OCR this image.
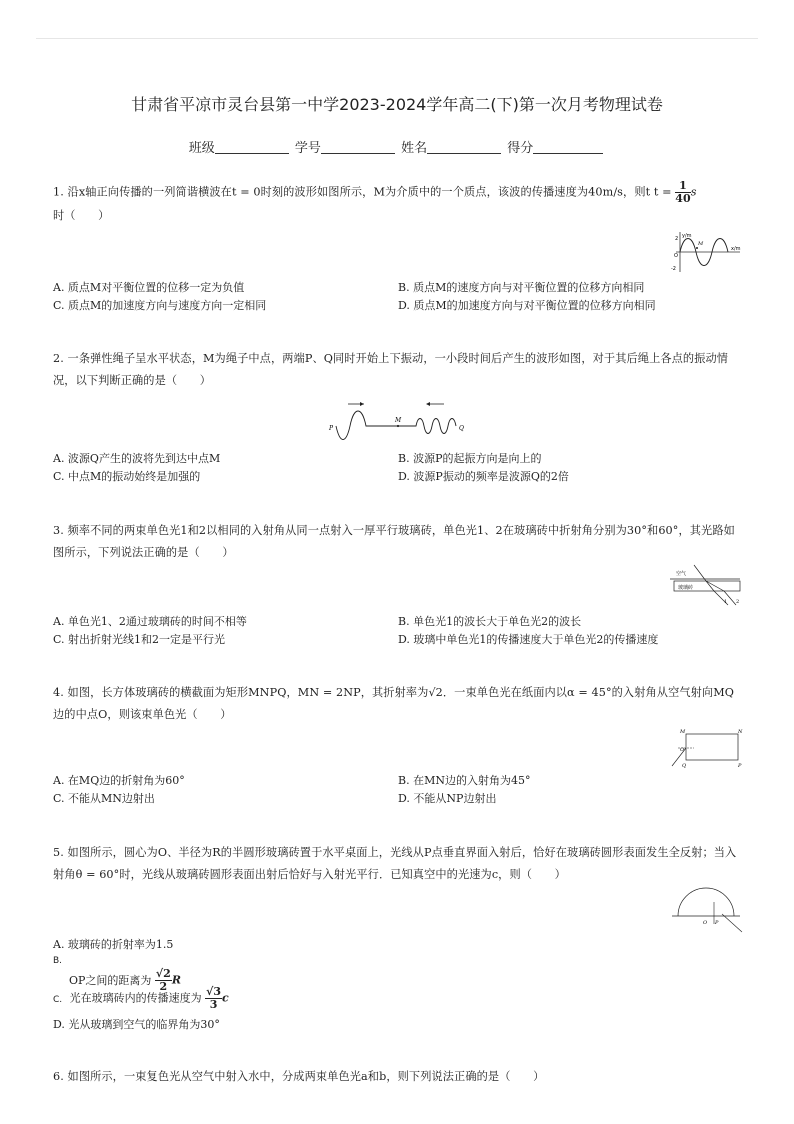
甘肃省平凉市灵台县第一中学2023-2024学年高二(下)第一次月考物理试卷
班级	学号	姓名	得分
1. 沿x轴正向传播的一列简谐横波在t = 0时刻的波形如图所示，M为介质中的一个质点，该波的传播速度为40m/s，则t $t = \frac{1}{40}$ s
时（　　）
y/m
x/m
M
O
2
-2
A. 质点M对平衡位置的位移一定为负值	B. 质点M的速度方向与对平衡位置的位移方向相同
C. 质点M的加速度方向与速度方向一定相同	D. 质点M的加速度方向与对平衡位置的位移方向相同
2. 一条弹性绳子呈水平状态，M为绳子中点，两端P、Q同时开始上下振动，一小段时间后产生的波形如图，对于其后绳上各点的振动情况，以下判断正确的是（　　）
P
M
Q
A. 波源Q产生的波将先到达中点M	B. 波源P的起振方向是向上的
C. 中点M的振动始终是加强的	D. 波源P振动的频率是波源Q的2倍
3. 频率不同的两束单色光1和2以相同的入射角从同一点射入一厚平行玻璃砖，单色光1、2在玻璃砖中折射角分别为30°和60°，其光路如图所示，下列说法正确的是（　　）
空气
玻璃砖
1 2
A. 单色光1、2通过玻璃砖的时间不相等	B. 单色光1的波长大于单色光2的波长
C. 射出折射光线1和2一定是平行光	D. 玻璃中单色光1的传播速度大于单色光2的传播速度
4. 如图，长方体玻璃砖的横截面为矩形MNPQ，MN = 2NP，其折射率为√2．一束单色光在纸面内以α = 45°的入射角从空气射向MQ边的中点O，则该束单色光（　　）
M	N
O
Q	P
A. 在MQ边的折射角为60°	B. 在MN边的入射角为45°
C. 不能从MN边射出	D. 不能从NP边射出
5. 如图所示，圆心为O、半径为R的半圆形玻璃砖置于水平桌面上，光线从P点垂直界面入射后，恰好在玻璃砖圆形表面发生全反射；当入射角θ = 60°时，光线从玻璃砖圆形表面出射后恰好与入射光平行．已知真空中的光速为c，则（　　）
O P
A. 玻璃砖的折射率为1.5
$^{B.}$
OP之间的距离为 $\frac{√2}{2}$ R
C. 光在玻璃砖内的传播速度为 $\frac{√3}{3}$ c
D. 光从玻璃到空气的临界角为30°
6. 如图所示，一束复色光从空气中射入水中，分成两束单色光a和b，则下列说法正确的是（　　）
